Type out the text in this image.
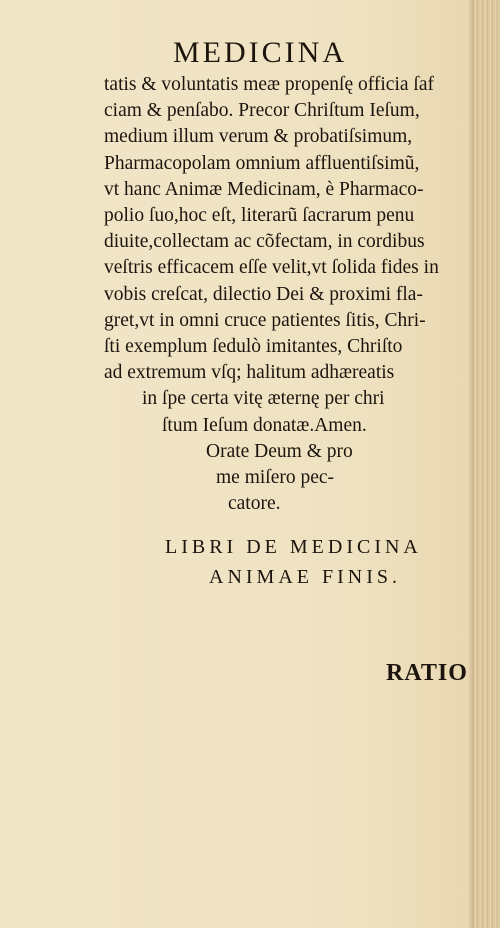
MEDICINA
tatis & voluntatis meæ propenſę officia ſaf
ciam & penſabo. Precor Chriſtum Ieſum,
medium illum verum & probatiſsimum,
Pharmacopolam omnium affluentiſsimũ,
vt hanc Animæ Medicinam, è Pharmaco-
polio ſuo,hoc eſt, literarũ ſacrarum penu
diuite,collectam ac cõfectam, in cordibus
veſtris efficacem eſſe velit,vt ſolida fides in
vobis creſcat, dilectio Dei & proximi fla-
gret,vt in omni cruce patientes ſitis, Chri-
ſti exemplum ſedulò imitantes, Chriſto
ad extremum vſq; halitum adhæreatis
in ſpe certa vitę æternę per chri
ſtum Ieſum donatæ.Amen.
Orate Deum & pro
me miſero pec-
catore.
LIBRI DE MEDICINA
ANIMAE FINIS.
RATIO
